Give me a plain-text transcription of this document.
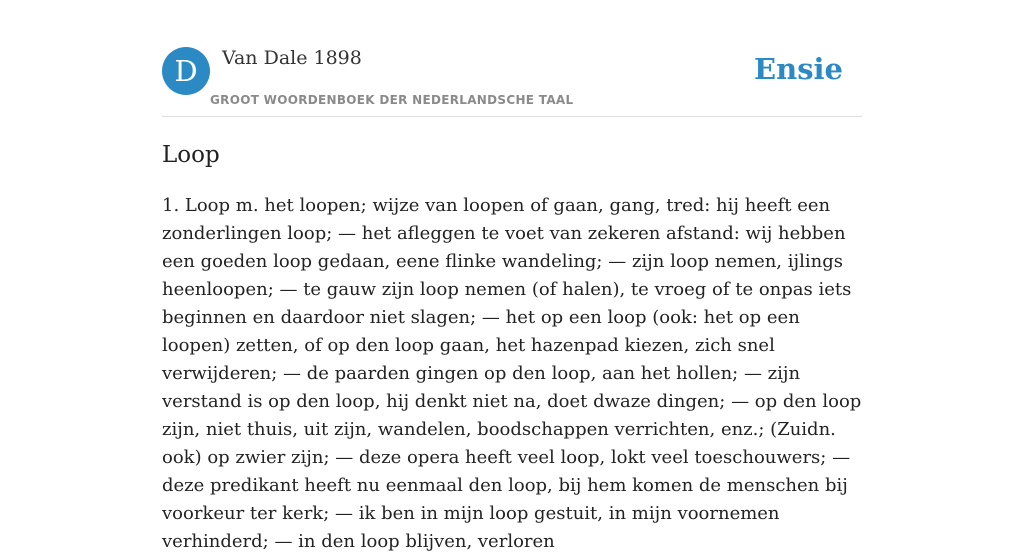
D	Van Dale 1898
GROOT WOORDENBOEK DER NEDERLANDSCHE TAAL
Ensie
Loop

1. Loop m. het loopen; wijze van loopen of gaan, gang, tred: hij heeft een zonderlingen loop; — het afleggen te voet van zekeren afstand: wij hebben een goeden loop gedaan, eene flinke wandeling; — zijn loop nemen, ijlings heenloopen; — te gauw zijn loop nemen (of halen), te vroeg of te onpas iets beginnen en daardoor niet slagen; — het op een loop (ook: het op een loopen) zetten, of op den loop gaan, het hazenpad kiezen, zich snel verwijderen; — de paarden gingen op den loop, aan het hollen; — zijn verstand is op den loop, hij denkt niet na, doet dwaze dingen; — op den loop zijn, niet thuis, uit zijn, wandelen, boodschappen verrichten, enz.; (Zuidn. ook) op zwier zijn; — deze opera heeft veel loop, lokt veel toeschouwers; — deze predikant heeft nu eenmaal den loop, bij hem komen de menschen bij voorkeur ter kerk; — ik ben in mijn loop gestuit, in mijn voornemen verhinderd; — in den loop blijven, verloren
